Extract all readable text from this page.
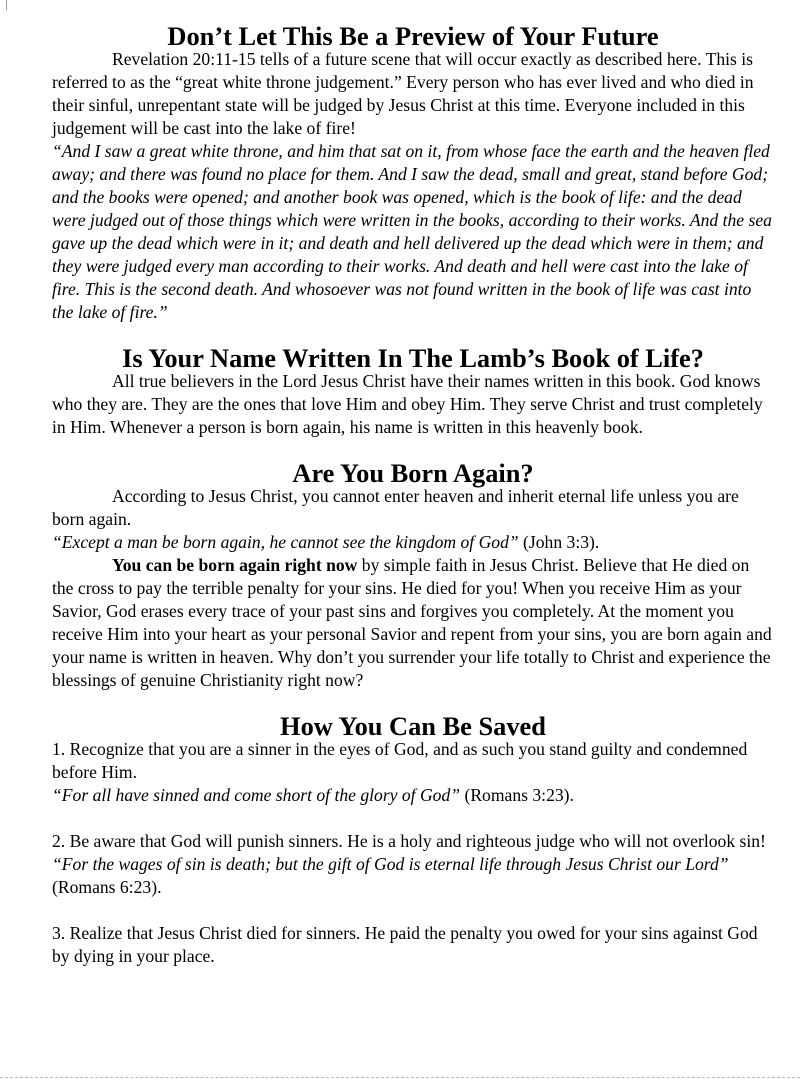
Don’t Let This Be a Preview of Your Future

Revelation 20:11-15 tells of a future scene that will occur exactly as described here. This is referred to as the “great white throne judgement.” Every person who has ever lived and who died in their sinful, unrepentant state will be judged by Jesus Christ at this time. Everyone included in this judgement will be cast into the lake of fire!

“And I saw a great white throne, and him that sat on it, from whose face the earth and the heaven fled away; and there was found no place for them. And I saw the dead, small and great, stand before God; and the books were opened; and another book was opened, which is the book of life: and the dead were judged out of those things which were written in the books, according to their works. And the sea gave up the dead which were in it; and death and hell delivered up the dead which were in them; and they were judged every man according to their works. And death and hell were cast into the lake of fire. This is the second death. And whosoever was not found written in the book of life was cast into the lake of fire.”

Is Your Name Written In The Lamb’s Book of Life?

All true believers in the Lord Jesus Christ have their names written in this book. God knows who they are. They are the ones that love Him and obey Him. They serve Christ and trust completely in Him. Whenever a person is born again, his name is written in this heavenly book.

Are You Born Again?

According to Jesus Christ, you cannot enter heaven and inherit eternal life unless you are born again.

“Except a man be born again, he cannot see the kingdom of God” (John 3:3).

You can be born again right now by simple faith in Jesus Christ. Believe that He died on the cross to pay the terrible penalty for your sins. He died for you! When you receive Him as your Savior, God erases every trace of your past sins and forgives you completely. At the moment you receive Him into your heart as your personal Savior and repent from your sins, you are born again and your name is written in heaven. Why don’t you surrender your life totally to Christ and experience the blessings of genuine Christianity right now?

How You Can Be Saved

1. Recognize that you are a sinner in the eyes of God, and as such you stand guilty and condemned before Him.

“For all have sinned and come short of the glory of God” (Romans 3:23).

2. Be aware that God will punish sinners. He is a holy and righteous judge who will not overlook sin!

“For the wages of sin is death; but the gift of God is eternal life through Jesus Christ our Lord” (Romans 6:23).

3. Realize that Jesus Christ died for sinners. He paid the penalty you owed for your sins against God by dying in your place.
